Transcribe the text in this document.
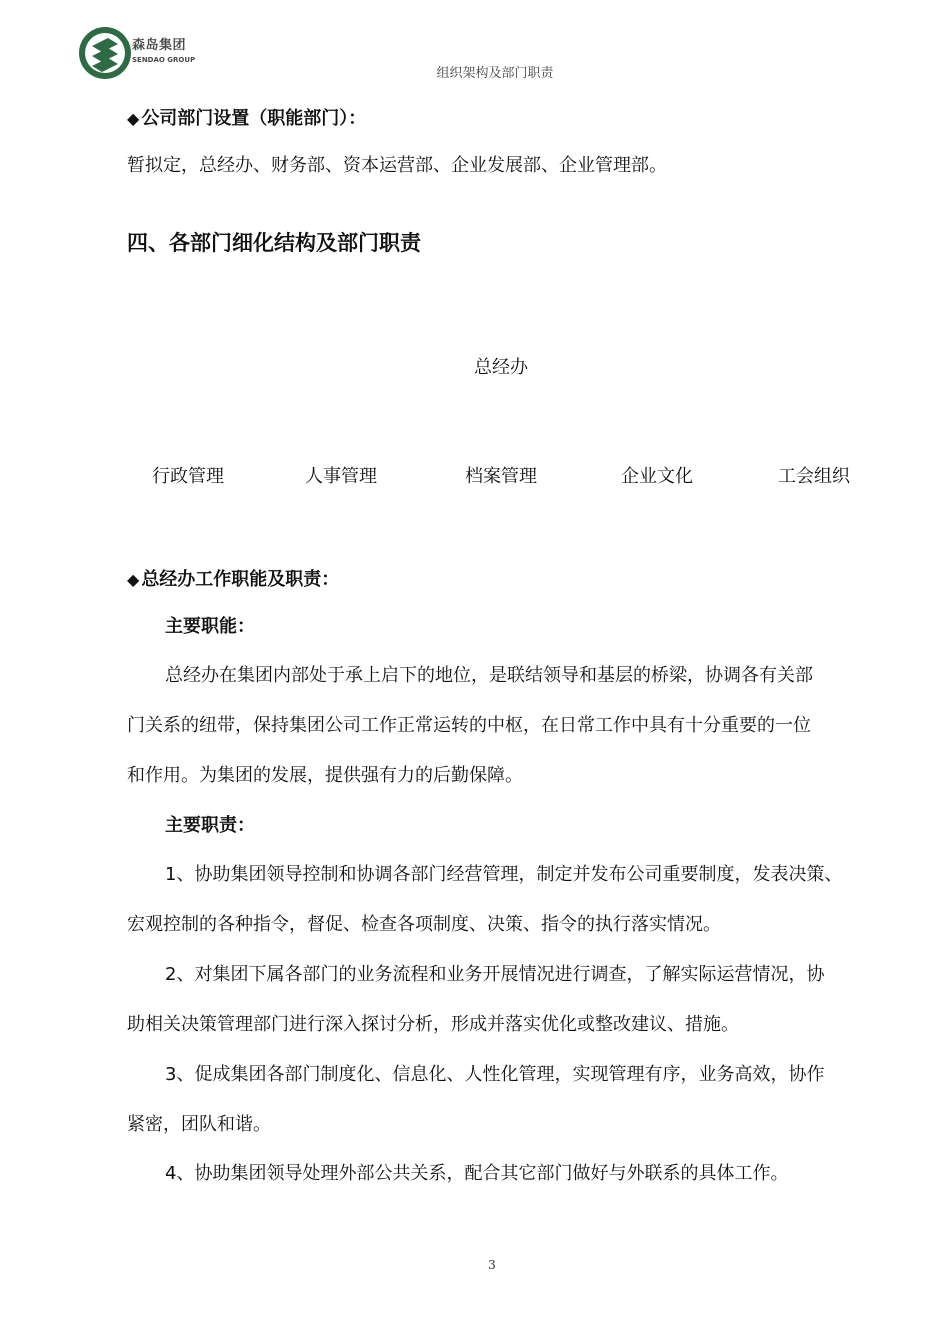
森岛集团
SENDAO GROUP
组织架构及部门职责
◆ 公司部门设置（职能部门）：
暂拟定，总经办、财务部、资本运营部、企业发展部、企业管理部。
四、各部门细化结构及部门职责
总经办
行政管理	人事管理	档案管理	企业文化	工会组织
◆ 总经办工作职能及职责：
主要职能：
总经办在集团内部处于承上启下的地位，是联结领导和基层的桥梁，协调各有关部
门关系的纽带，保持集团公司工作正常运转的中枢，在日常工作中具有十分重要的一位
和作用。为集团的发展，提供强有力的后勤保障。
主要职责：
1、协助集团领导控制和协调各部门经营管理，制定并发布公司重要制度，发表决策、
宏观控制的各种指令，督促、检查各项制度、决策、指令的执行落实情况。
2、对集团下属各部门的业务流程和业务开展情况进行调查，了解实际运营情况，协
助相关决策管理部门进行深入探讨分析，形成并落实优化或整改建议、措施。
3、促成集团各部门制度化、信息化、人性化管理，实现管理有序，业务高效，协作
紧密，团队和谐。
4、协助集团领导处理外部公共关系，配合其它部门做好与外联系的具体工作。
3
